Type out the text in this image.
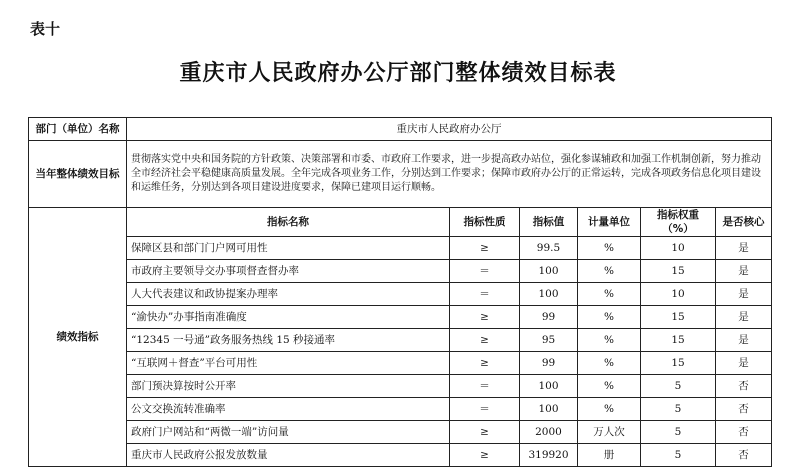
表十
重庆市人民政府办公厅部门整体绩效目标表
部门（单位）名称	重庆市人民政府办公厅					
当年整体绩效目标	贯彻落实党中央和国务院的方针政策、决策部署和市委、市政府工作要求，进一步提高政办站位，强化参谋辅政和加强工作机制创新，努力推动全市经济社会平稳健康高质量发展。全年完成各项业务工作，分别达到工作要求；保障市政府办公厅的正常运转，完成各项政务信息化项目建设和运维任务，分别达到各项目建设进度要求，保障已建项目运行顺畅。					
绩效指标	指标名称	指标性质	指标值	计量单位	指标权重（%）	是否核心
	保障区县和部门门户网可用性	≥	99.5	%	10	是
	市政府主要领导交办事项督查督办率	＝	100	%	15	是
	人大代表建议和政协提案办理率	＝	100	%	10	是
	“渝快办”办事指南准确度	≥	99	%	15	是
	“12345 一号通”政务服务热线 15 秒接通率	≥	95	%	15	是
	“互联网＋督查”平台可用性	≥	99	%	15	是
	部门预决算按时公开率	＝	100	%	5	否
	公文交换流转准确率	＝	100	%	5	否
	政府门户网站和“两微一端”访问量	≥	2000	万人次	5	否
	重庆市人民政府公报发放数量	≥	319920	册	5	否
